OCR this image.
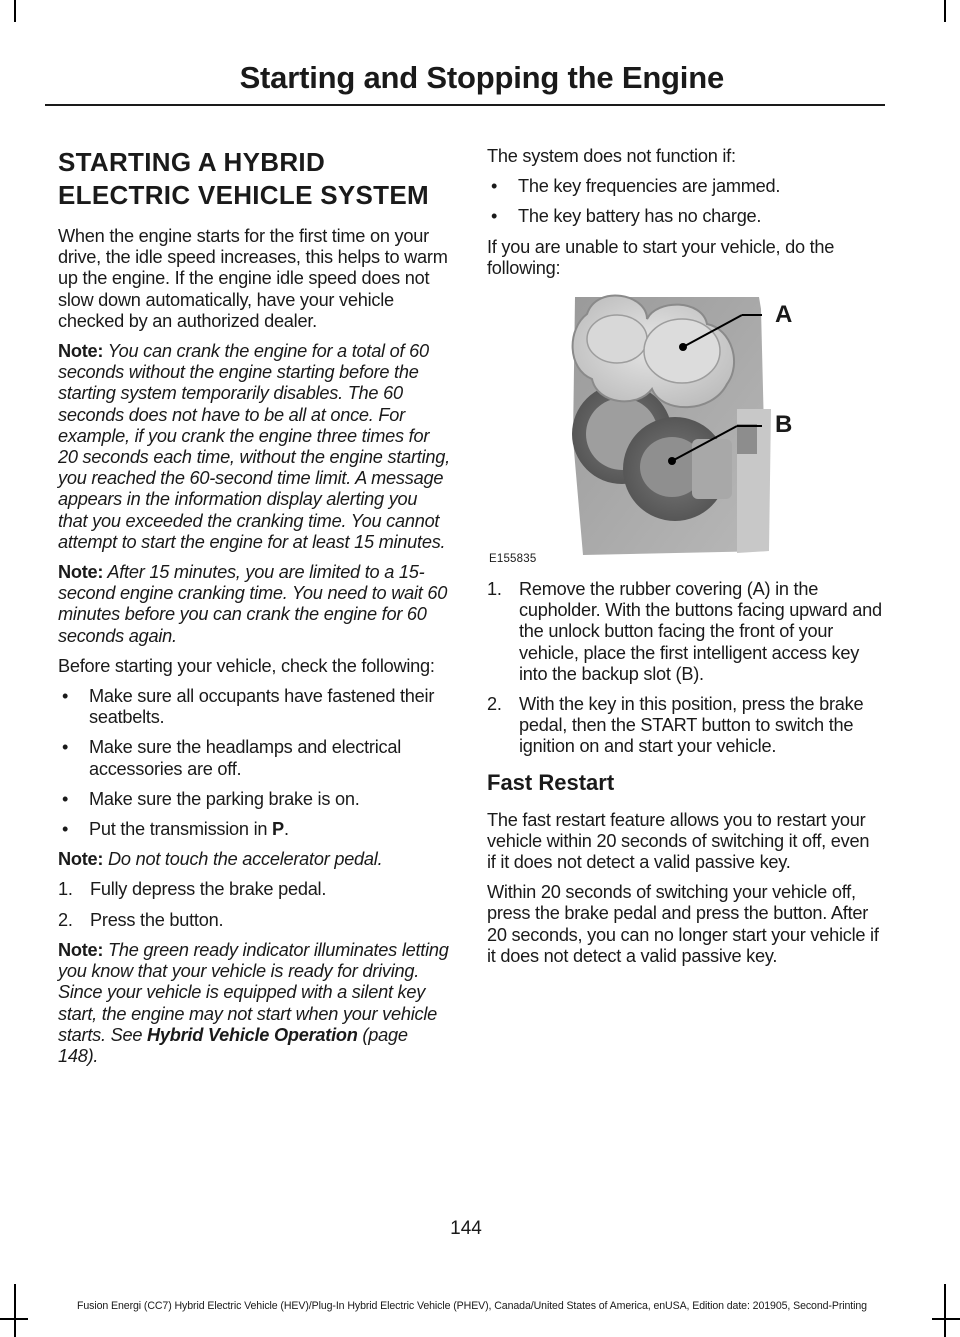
Starting and Stopping the Engine
STARTING A HYBRID
ELECTRIC VEHICLE SYSTEM

When the engine starts for the first time on your drive, the idle speed increases, this helps to warm up the engine. If the engine idle speed does not slow down automatically, have your vehicle checked by an authorized dealer.

Note: You can crank the engine for a total of 60 seconds without the engine starting before the starting system temporarily disables. The 60 seconds does not have to be all at once. For example, if you crank the engine three times for 20 seconds each time, without the engine starting, you reached the 60-second time limit. A message appears in the information display alerting you that you exceeded the cranking time. You cannot attempt to start the engine for at least 15 minutes.

Note: After 15 minutes, you are limited to a 15-second engine cranking time. You need to wait 60 minutes before you can crank the engine for 60 seconds again.

Before starting your vehicle, check the following:

• Make sure all occupants have fastened their seatbelts.
• Make sure the headlamps and electrical accessories are off.
• Make sure the parking brake is on.
• Put the transmission in P.

Note: Do not touch the accelerator pedal.

1. Fully depress the brake pedal.
2. Press the button.

Note: The green ready indicator illuminates letting you know that your vehicle is ready for driving. Since your vehicle is equipped with a silent key start, the engine may not start when your vehicle starts. See Hybrid Vehicle Operation (page 148).

The system does not function if:

• The key frequencies are jammed.
• The key battery has no charge.

If you are unable to start your vehicle, do the following:

A
B
E155835
1. Remove the rubber covering (A) in the cupholder. With the buttons facing upward and the unlock button facing the front of your vehicle, place the first intelligent access key into the backup slot (B).
2. With the key in this position, press the brake pedal, then the START button to switch the ignition on and start your vehicle.
Fast Restart

The fast restart feature allows you to restart your vehicle within 20 seconds of switching it off, even if it does not detect a valid passive key.

Within 20 seconds of switching your vehicle off, press the brake pedal and press the button. After 20 seconds, you can no longer start your vehicle if it does not detect a valid passive key.

144
Fusion Energi (CC7) Hybrid Electric Vehicle (HEV)/Plug-In Hybrid Electric Vehicle (PHEV), Canada/United States of America, enUSA, Edition date: 201905, Second-Printing
